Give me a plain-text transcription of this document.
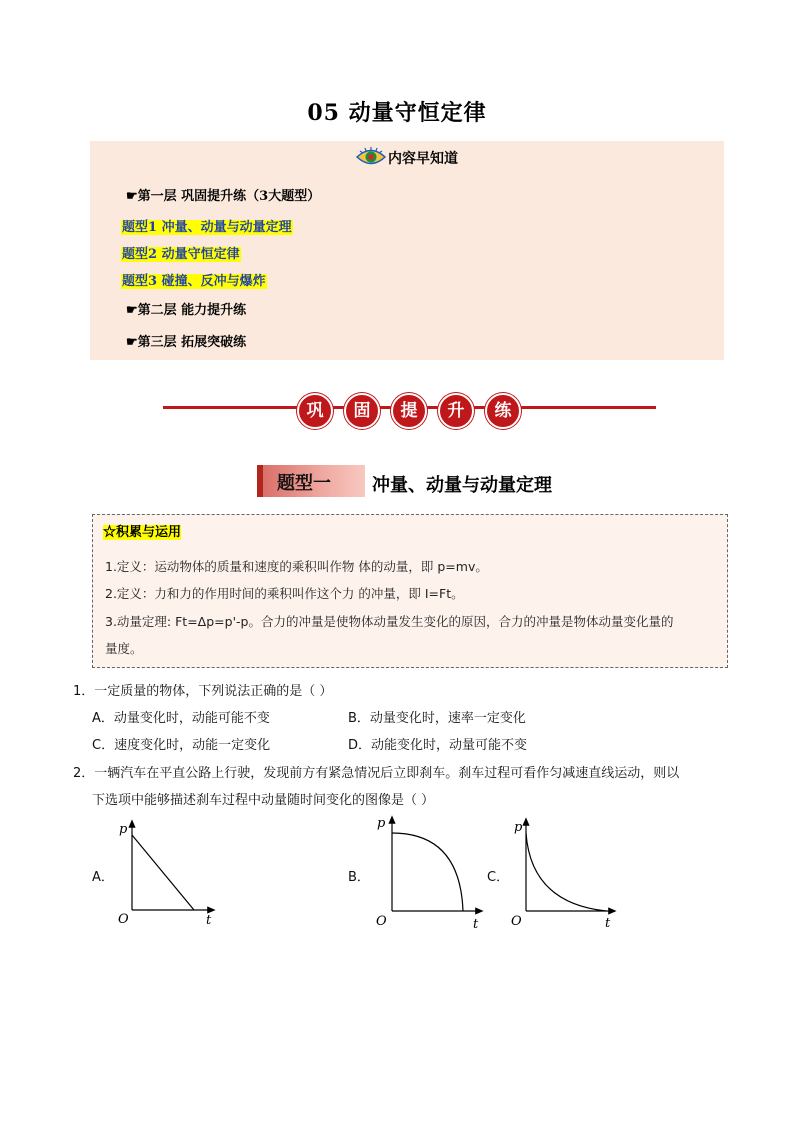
05 动量守恒定律
内容早知道
☛第一层 巩固提升练（3大题型）
题型1 冲量、动量与动量定理
题型2 动量守恒定律
题型3 碰撞、反冲与爆炸
☛第二层 能力提升练
☛第三层 拓展突破练
巩	固	提	升	练
题型一 冲量、动量与动量定理
☆积累与运用
1.定义：运动物体的质量和速度的乘积叫作物 体的动量，即 p=mv。
2.定义：力和力的作用时间的乘积叫作这个力 的冲量，即 I=Ft。
3.动量定理: Ft=Δp=p'-p。合力的冲量是使物体动量发生变化的原因，合力的冲量是物体动量变化量的
量度。
1．一定质量的物体，下列说法正确的是（ ）
A．动量变化时，动能可能不变	B．动量变化时，速率一定变化
C．速度变化时，动能一定变化	D．动能变化时，动量可能不变
2．一辆汽车在平直公路上行驶，发现前方有紧急情况后立即刹车。刹车过程可看作匀减速直线运动，则以
下选项中能够描述刹车过程中动量随时间变化的图像是（ ）
A．
p
t
O
B．
p
t
O
C．
p
t
O
